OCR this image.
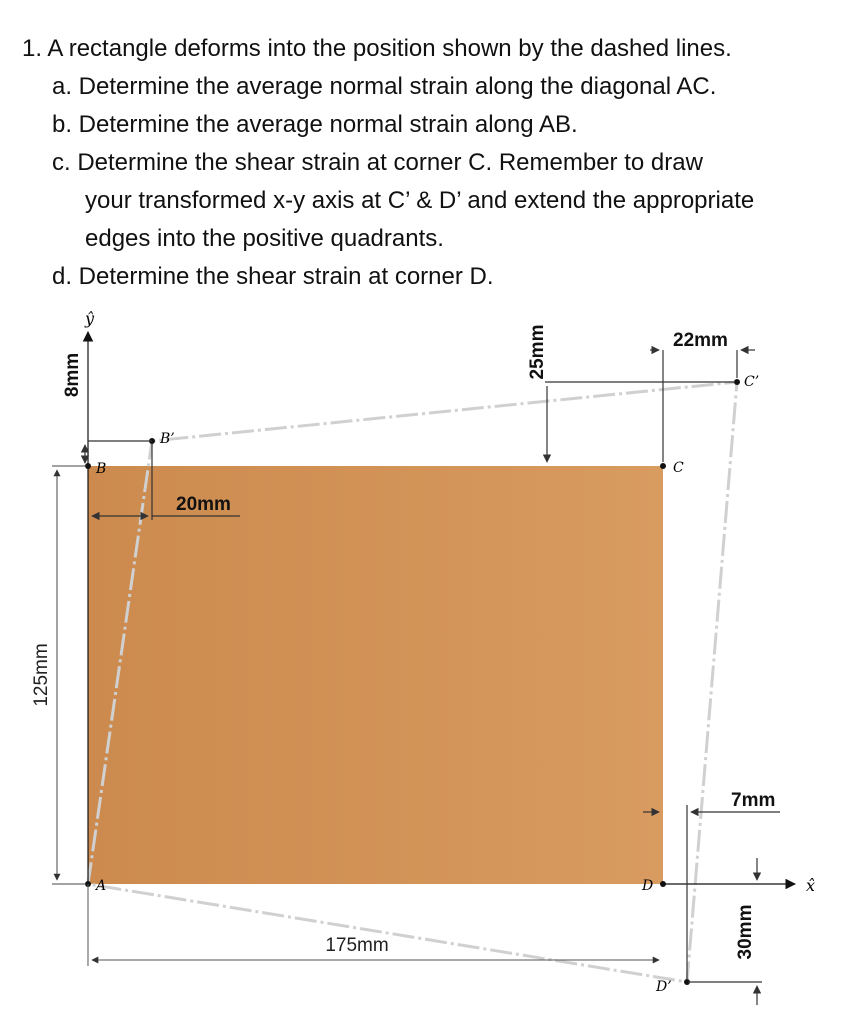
1. A rectangle deforms into the position shown by the dashed lines.
a. Determine the average normal strain along the diagonal AC.
b. Determine the average normal strain along AB.
c. Determine the shear strain at corner C. Remember to draw
your transformed x-y axis at C’ & D’ and extend the appropriate
edges into the positive quadrants.
d. Determine the shear strain at corner D.
ŷ
x̂
A
B	C
D
B’
C’
D’
125mm
8mm
20mm
25mm	22mm
7mm
30mm
175mm
